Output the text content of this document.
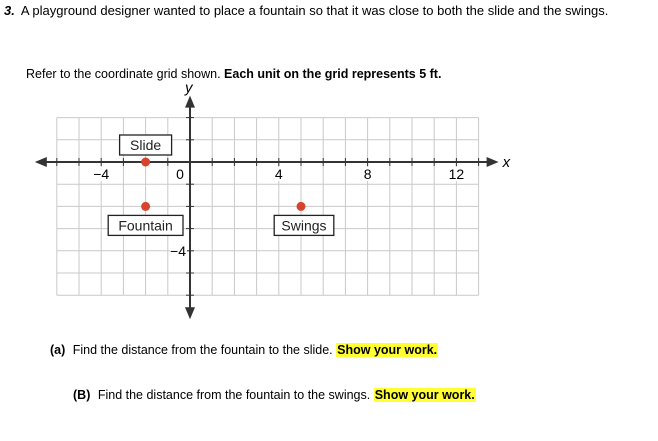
3. A playground designer wanted to place a fountain so that it was close to both the slide and the swings.
Refer to the coordinate grid shown. Each unit on the grid represents 5 ft.
x
y
−4	4	8	12
−4
0
Slide
Fountain	Swings
(a) Find the distance from the fountain to the slide. Show your work.
(B) Find the distance from the fountain to the swings. Show your work.
